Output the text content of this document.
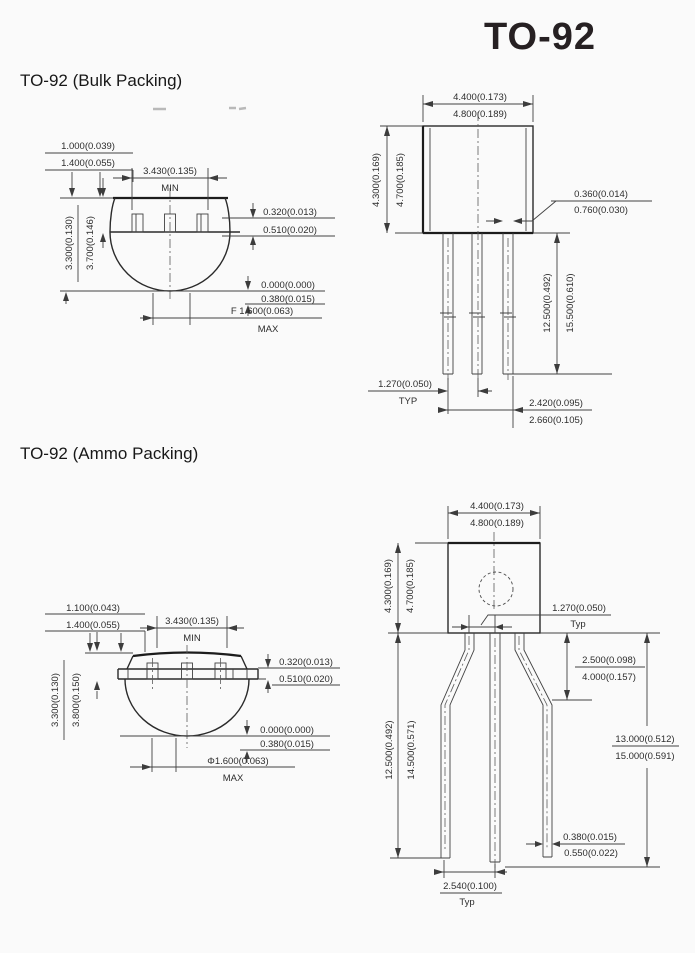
TO-92
TO-92 (Bulk Packing)
TO-92 (Ammo Packing)
1.000(0.039)
1.400(0.055)
3.430(0.135)
MIN
3.300(0.130) 3.700(0.146)
0.320(0.013)
0.510(0.020)
0.000(0.000)
0.380(0.015)
F 1.600(0.063)
MAX
4.400(0.173)
4.800(0.189)
4.300(0.169) 4.700(0.185)	0.360(0.014)
0.760(0.030)
12.500(0.492) 15.500(0.610)
1.270(0.050)
TYP	2.420(0.095)
2.660(0.105)
1.100(0.043)
1.400(0.055)	3.430(0.135)
MIN
3.300(0.130) 3.800(0.150)
0.320(0.013)
0.510(0.020)
0.000(0.000)
0.380(0.015)
Φ1.600(0.063)
MAX
4.400(0.173)
4.800(0.189)
4.300(0.169) 4.700(0.185)	1.270(0.050)
Typ
2.500(0.098)
4.000(0.157)
12.500(0.492) 14.500(0.571)	13.000(0.512)
15.000(0.591)
0.380(0.015)
0.550(0.022)
2.540(0.100)
Typ
